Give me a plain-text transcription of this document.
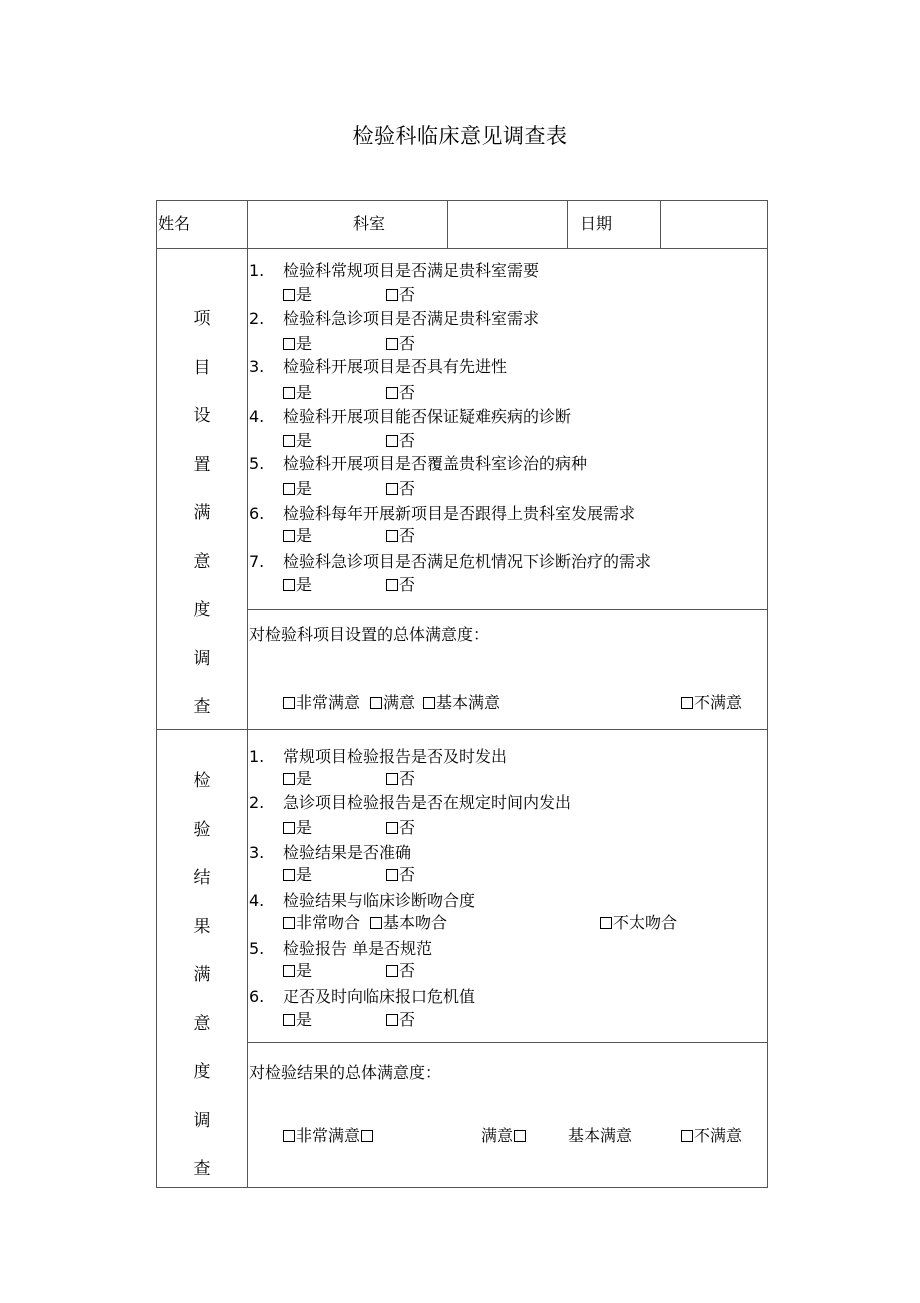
检验科临床意见调查表
姓名	科室	日期
项
目
设
置
满
意
度
调
查
1. 检验科常规项目是否满足贵科室需要
是	否
2. 检验科急诊项目是否满足贵科室需求
是	否
3. 检验科开展项目是否具有先进性
是	否
4. 检验科开展项目能否保证疑难疾病的诊断
是	否
5. 检验科开展项目是否覆盖贵科室诊治的病种
是	否
6. 检验科每年开展新项目是否跟得上贵科室发展需求
是	否
7. 检验科急诊项目是否满足危机情况下诊断治疗的需求
是	否
对检验科项目设置的总体满意度：
非常满意	满意	基本满意	不满意
检
验
结
果
满
意
度
调
查
1. 常规项目检验报告是否及时发出
是	否
2. 急诊项目检验报告是否在规定时间内发出
是	否
3. 检验结果是否准确
是	否
4. 检验结果与临床诊断吻合度
非常吻合	基本吻合	不太吻合
5. 检验报告 单是否规范
是	否
6. 疋否及时向临床报口危机值
是	否
对检验结果的总体满意度：
非常满意	满意	基本满意	不满意
